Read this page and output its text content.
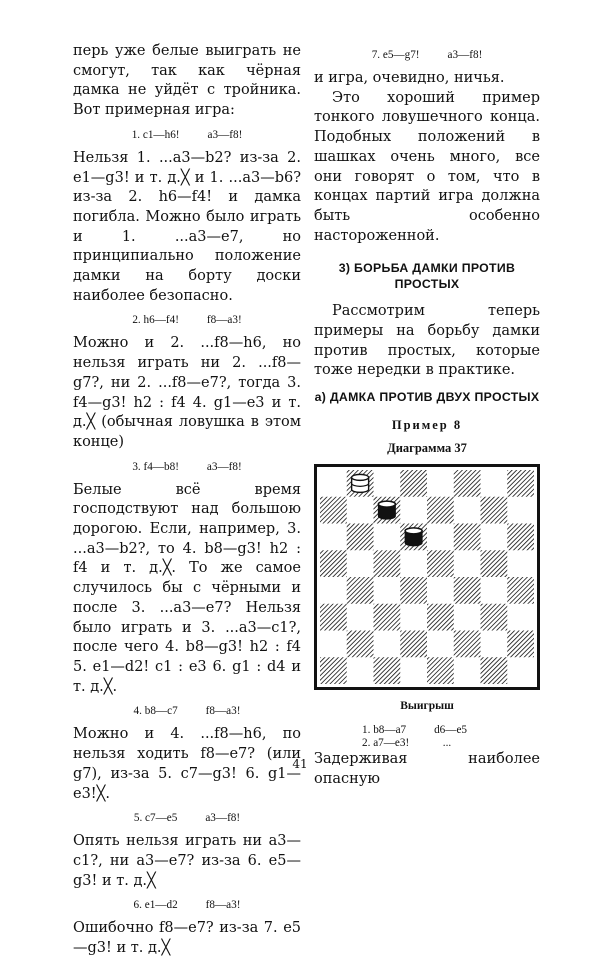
перь уже белые выиграть не смогут, так как чёрная дамка не уйдёт с тройника. Вот примерная игра:

1. c1—h6!          a3—f8!

Нельзя 1. ...a3—b2? из-за 2. e1—g3! и т. д.╳ и 1. ...a3—b6? из-за 2. h6—f4! и дамка погибла. Можно было играть и 1. ...a3—e7, но принципиально положение дамки на борту доски наиболее безопасно.

2. h6—f4!          f8—a3!

Можно и 2. ...f8—h6, но нельзя играть ни 2. ...f8—g7?, ни 2. ...f8—e7?, тогда 3. f4—g3! h2 : f4 4. g1—e3 и т. д.╳ (обычная ловушка в этом конце)

3. f4—b8!          a3—f8!

Белые всё время господствуют над большою дорогою. Если, например, 3. ...a3—b2?, то 4. b8—g3! h2 : f4 и т. д.╳. То же самое случилось бы с чёрными и после 3. ...a3—e7? Нельзя было играть и 3. ...a3—c1?, после чего 4. b8—g3! h2 : f4 5. e1—d2! c1 : e3 6. g1 : d4 и т. д.╳.

4. b8—c7          f8—a3!

Можно и 4. ...f8—h6, по нельзя ходить f8—e7? (или g7), из-за 5. c7—g3! 6. g1—e3!╳.

5. c7—e5          a3—f8!

Опять нельзя играть ни a3—c1?, ни a3—e7? из-за 6. e5—g3! и т. д.╳

6. e1—d2          f8—a3!

Ошибочно f8—e7? из-за 7. e5—g3! и т. д.╳

7. e5—g7!          a3—f8!

и игра, очевидно, ничья.

Это хороший пример тонкого ловушечного конца. Подобных положений в шашках очень много, все они говорят о том, что в концах партий игра должна быть особенно настороженной.

3) БОРЬБА ДАМКИ ПРОТИВ ПРОСТЫХ

Рассмотрим теперь примеры на борьбу дамки против простых, которые тоже нередки в практике.

а) ДАМКА ПРОТИВ ДВУХ ПРОСТЫХ

Пример 8
Диаграмма 37
Выигрыш
1. b8—a7          d6—e5
2. a7—e3!            ...

Задерживая наиболее опасную

41
